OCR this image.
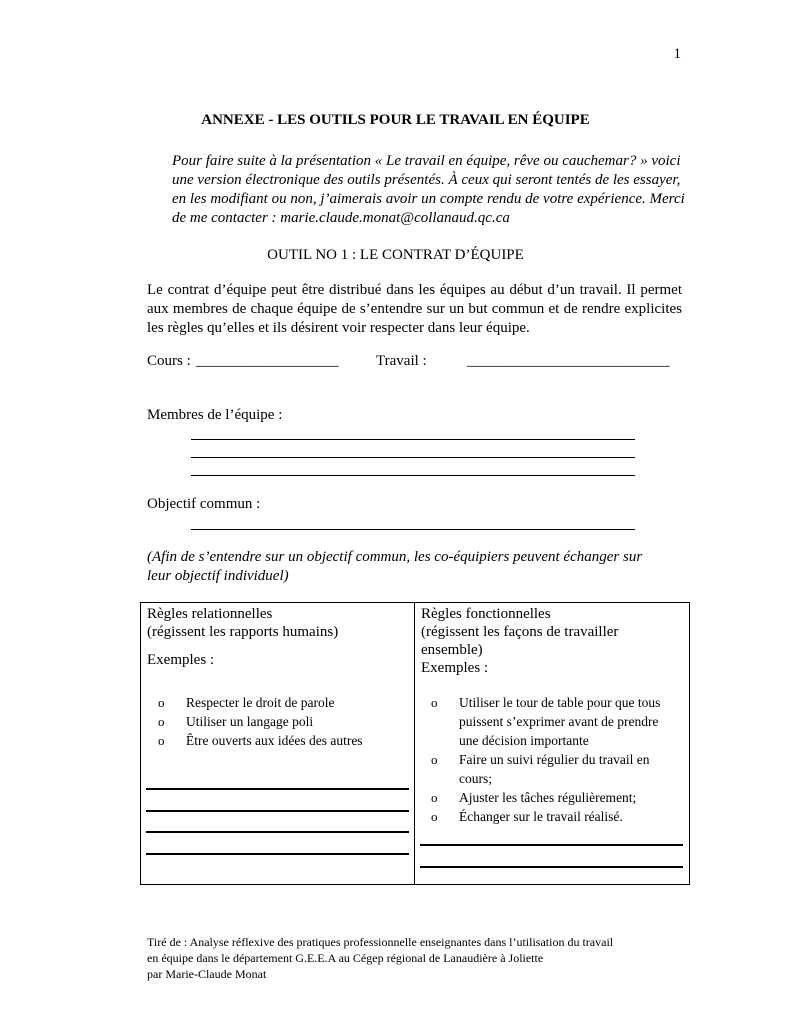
1
ANNEXE - LES OUTILS POUR LE TRAVAIL EN ÉQUIPE
Pour faire suite à la présentation « Le travail en équipe, rêve ou cauchemar? » voici une version électronique des outils présentés. À ceux qui seront tentés de les essayer, en les modifiant ou non, j’aimerais avoir un compte rendu de votre expérience. Merci de me contacter : marie.claude.monat@collanaud.qc.ca
OUTIL NO 1 : LE CONTRAT D’ÉQUIPE
Le contrat d’équipe peut être distribué dans les équipes au début d’un travail. Il permet aux membres de chaque équipe de s’entendre sur un but commun et de rendre explicites les règles qu’elles et ils désirent voir respecter dans leur équipe.
Cours : ___________________	Travail :	___________________________
Membres de l’équipe :
Objectif commun :
(Afin de s’entendre sur un objectif commun, les co-équipiers peuvent échanger sur leur objectif individuel)
Règles relationnelles
(régissent les rapports humains)
Exemples :
o Respecter le droit de parole
o Utiliser un langage poli
o Être ouverts aux idées des autres

Règles fonctionnelles
(régissent les façons de travailler ensemble)
Exemples :
o Utiliser le tour de table pour que tous puissent s’exprimer avant de prendre une décision importante
o Faire un suivi régulier du travail en cours;
o Ajuster les tâches régulièrement;
o Échanger sur le travail réalisé.
Tiré de : Analyse réflexive des pratiques professionnelle enseignantes dans l’utilisation du travail
en équipe dans le département G.E.E.A au Cégep régional de Lanaudière à Joliette
par Marie-Claude Monat
